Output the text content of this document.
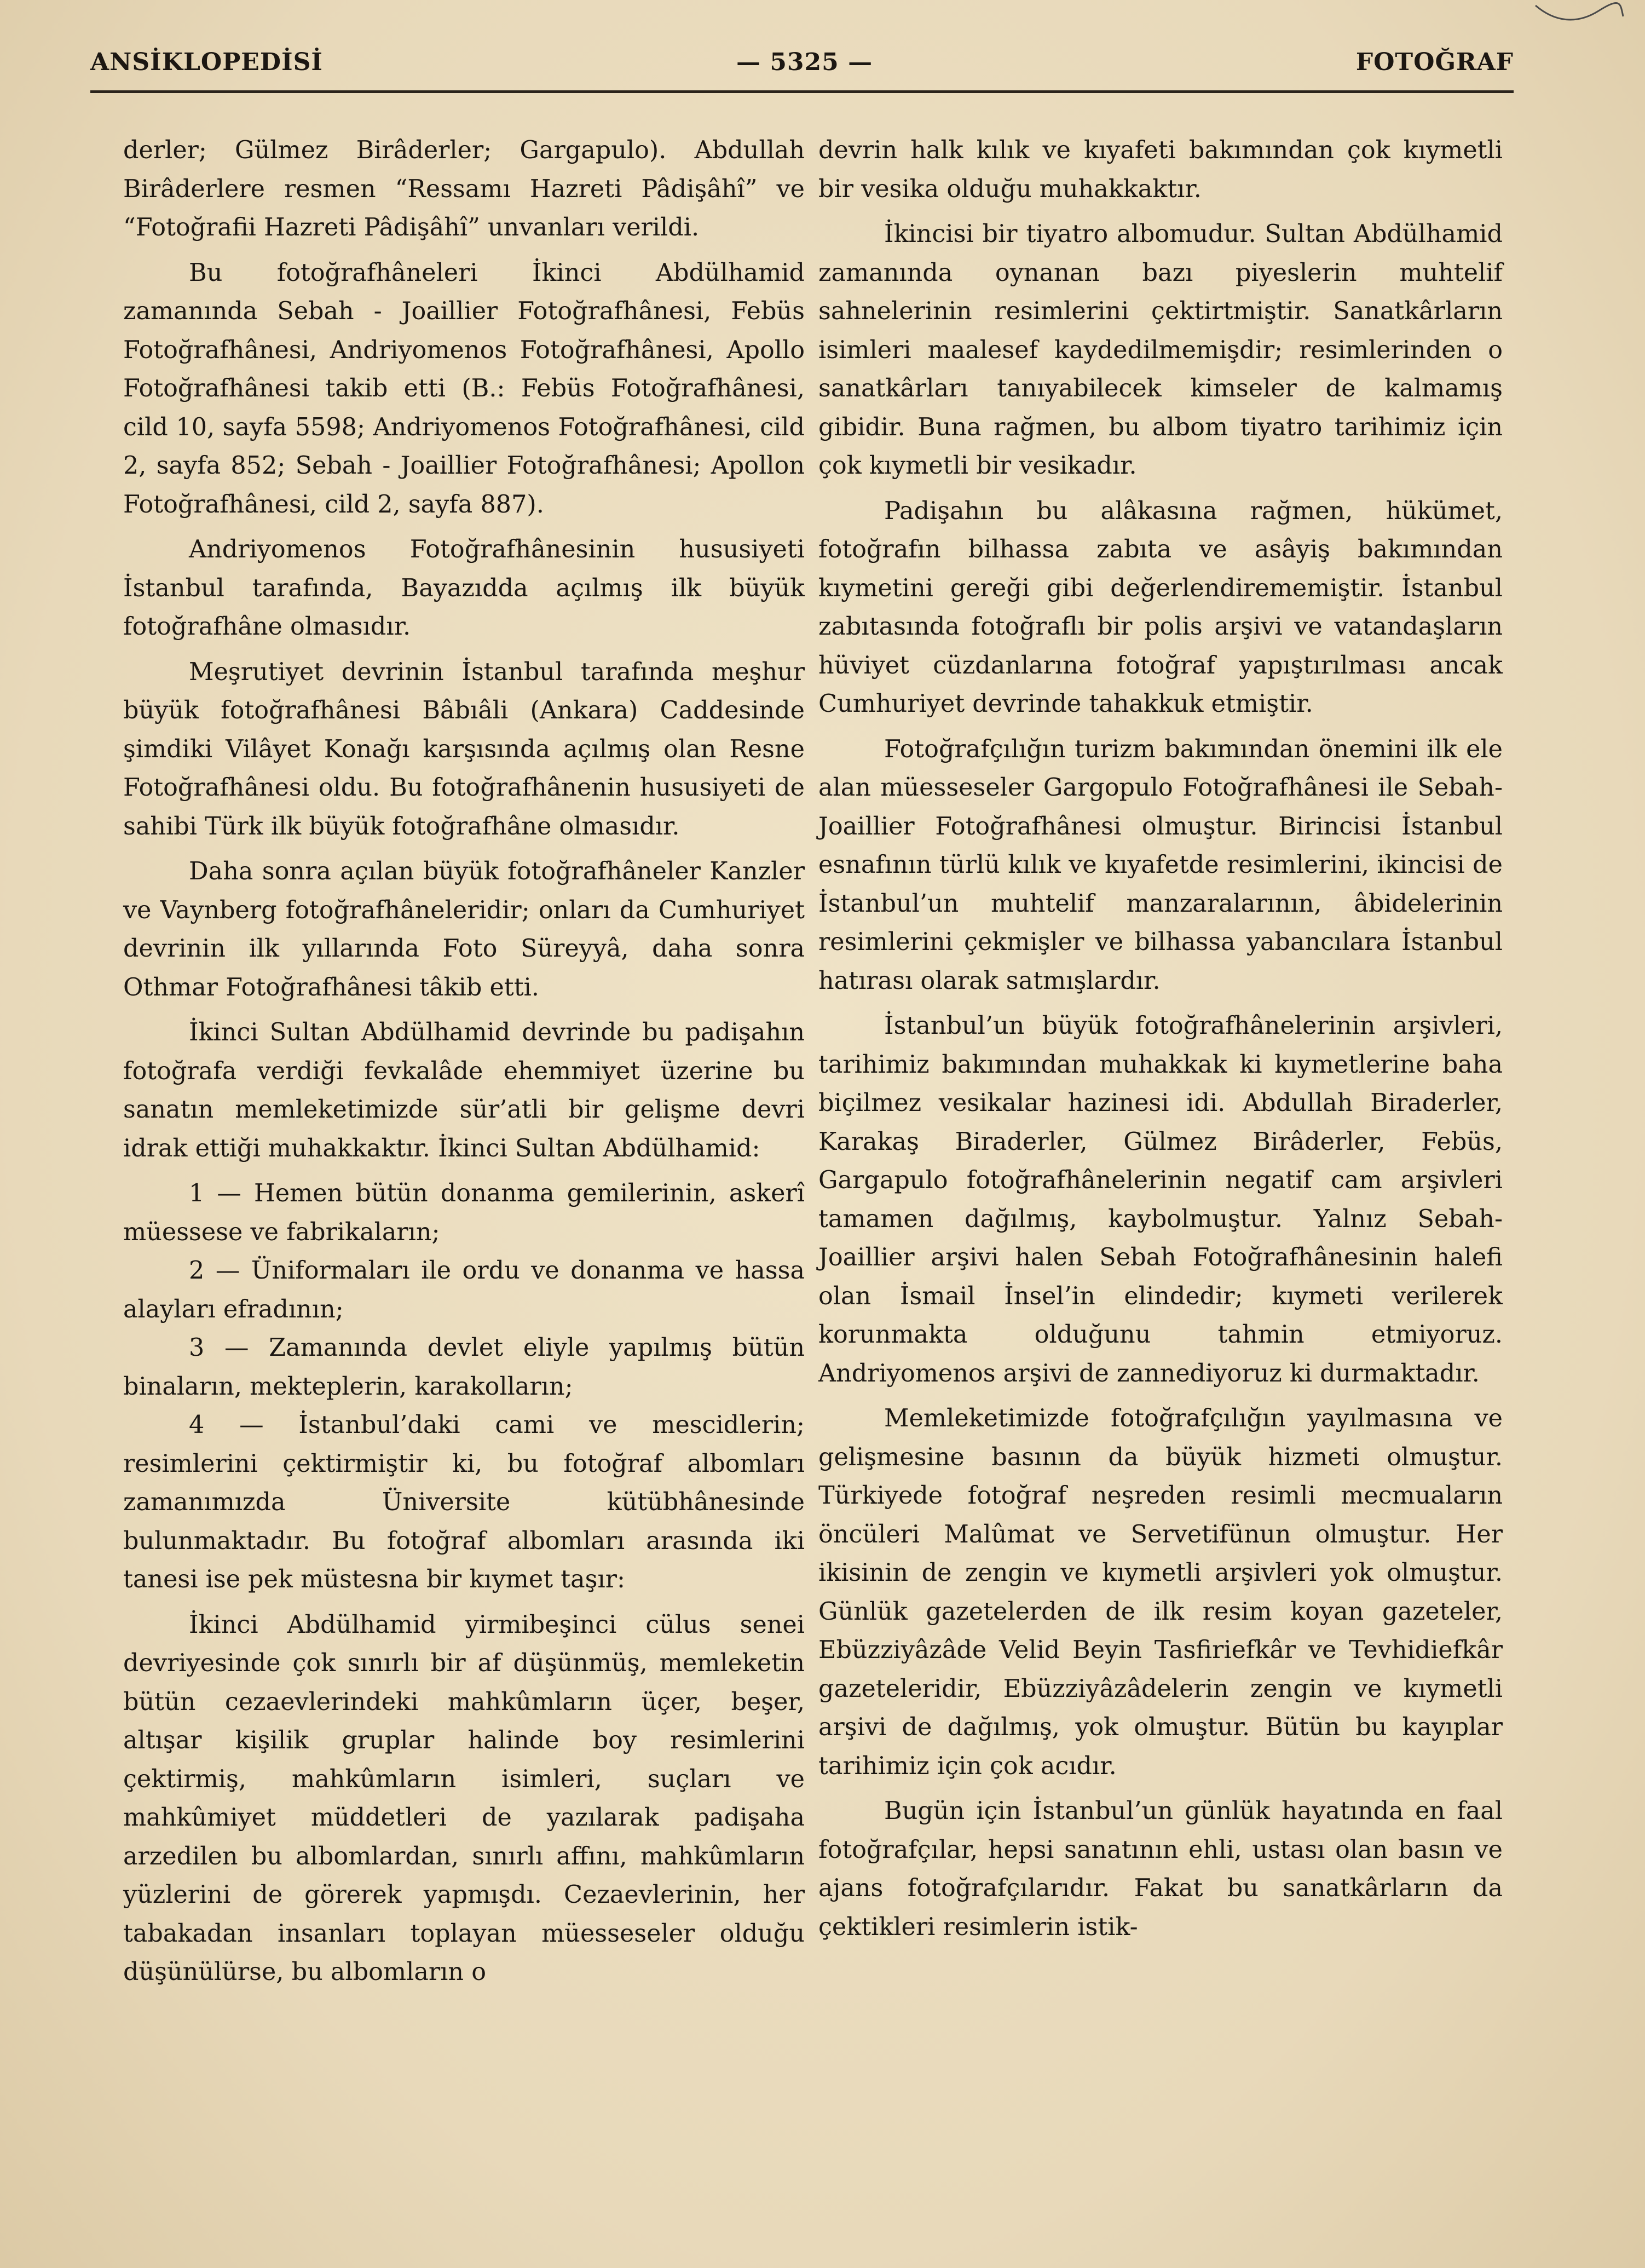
ANSİKLOPEDİSİ	— 5325 —	FOTOĞRAF

derler; Gülmez Birâderler; Gargapulo). Abdullah Birâderlere resmen “Ressamı Hazreti Pâdişâhî” ve “Fotoğrafii Hazreti Pâdişâhî” unvanları verildi.

Bu fotoğrafhâneleri İkinci Abdülhamid zamanında Sebah - Joaillier Fotoğrafhânesi, Febüs Fotoğrafhânesi, Andriyomenos Fotoğrafhânesi, Apollo Fotoğrafhânesi takib etti (B.: Febüs Fotoğrafhânesi, cild 10, sayfa 5598; Andriyomenos Fotoğrafhânesi, cild 2, sayfa 852; Sebah - Joaillier Fotoğrafhânesi; Apollon Fotoğrafhânesi, cild 2, sayfa 887).

Andriyomenos Fotoğrafhânesinin hususiyeti İstanbul tarafında, Bayazıdda açılmış ilk büyük fotoğrafhâne olmasıdır.

Meşrutiyet devrinin İstanbul tarafında meşhur büyük fotoğrafhânesi Bâbıâli (Ankara) Caddesinde şimdiki Vilâyet Konağı karşısında açılmış olan Resne Fotoğrafhânesi oldu. Bu fotoğrafhânenin hususiyeti de sahibi Türk ilk büyük fotoğrafhâne olmasıdır.

Daha sonra açılan büyük fotoğrafhâneler Kanzler ve Vaynberg fotoğrafhâneleridir; onları da Cumhuriyet devrinin ilk yıllarında Foto Süreyyâ, daha sonra Othmar Fotoğrafhânesi tâkib etti.

İkinci Sultan Abdülhamid devrinde bu padişahın fotoğrafa verdiği fevkalâde ehemmiyet üzerine bu sanatın memleketimizde sür’atli bir gelişme devri idrak ettiği muhakkaktır. İkinci Sultan Abdülhamid:

1 — Hemen bütün donanma gemilerinin, askerî müessese ve fabrikaların;

2 — Üniformaları ile ordu ve donanma ve hassa alayları efradının;

3 — Zamanında devlet eliyle yapılmış bütün binaların, mekteplerin, karakolların;

4 — İstanbul’daki cami ve mescidlerin; resimlerini çektirmiştir ki, bu fotoğraf albomları zamanımızda Üniversite kütübhânesinde bulunmaktadır. Bu fotoğraf albomları arasında iki tanesi ise pek müstesna bir kıymet taşır:

İkinci Abdülhamid yirmibeşinci cülus senei devriyesinde çok sınırlı bir af düşünmüş, memleketin bütün cezaevlerindeki mahkûmların üçer, beşer, altışar kişilik gruplar halinde boy resimlerini çektirmiş, mahkûmların isimleri, suçları ve mahkûmiyet müddetleri de yazılarak padişaha arzedilen bu albomlardan, sınırlı affını, mahkûmların yüzlerini de görerek yapmışdı. Cezaevlerinin, her tabakadan insanları toplayan müesseseler olduğu düşünülürse, bu albomların o

devrin halk kılık ve kıyafeti bakımından çok kıymetli bir vesika olduğu muhakkaktır.

İkincisi bir tiyatro albomudur. Sultan Abdülhamid zamanında oynanan bazı piyeslerin muhtelif sahnelerinin resimlerini çektirtmiştir. Sanatkârların isimleri maalesef kaydedilmemişdir; resimlerinden o sanatkârları tanıyabilecek kimseler de kalmamış gibidir. Buna rağmen, bu albom tiyatro tarihimiz için çok kıymetli bir vesikadır.

Padişahın bu alâkasına rağmen, hükümet, fotoğrafın bilhassa zabıta ve asâyiş bakımından kıymetini gereği gibi değerlendirememiştir. İstanbul zabıtasında fotoğraflı bir polis arşivi ve vatandaşların hüviyet cüzdanlarına fotoğraf yapıştırılması ancak Cumhuriyet devrinde tahakkuk etmiştir.

Fotoğrafçılığın turizm bakımından önemini ilk ele alan müesseseler Gargopulo Fotoğrafhânesi ile Sebah-Joaillier Fotoğrafhânesi olmuştur. Birincisi İstanbul esnafının türlü kılık ve kıyafetde resimlerini, ikincisi de İstanbul’un muhtelif manzaralarının, âbidelerinin resimlerini çekmişler ve bilhassa yabancılara İstanbul hatırası olarak satmışlardır.

İstanbul’un büyük fotoğrafhânelerinin arşivleri, tarihimiz bakımından muhakkak ki kıymetlerine baha biçilmez vesikalar hazinesi idi. Abdullah Biraderler, Karakaş Biraderler, Gülmez Birâderler, Febüs, Gargapulo fotoğrafhânelerinin negatif cam arşivleri tamamen dağılmış, kaybolmuştur. Yalnız Sebah-Joaillier arşivi halen Sebah Fotoğrafhânesinin halefi olan İsmail İnsel’in elindedir; kıymeti verilerek korunmakta olduğunu tahmin etmiyoruz. Andriyomenos arşivi de zannediyoruz ki durmaktadır.

Memleketimizde fotoğrafçılığın yayılmasına ve gelişmesine basının da büyük hizmeti olmuştur. Türkiyede fotoğraf neşreden resimli mecmuaların öncüleri Malûmat ve Servetifünun olmuştur. Her ikisinin de zengin ve kıymetli arşivleri yok olmuştur. Günlük gazetelerden de ilk resim koyan gazeteler, Ebüzziyâzâde Velid Beyin Tasfiriefkâr ve Tevhidiefkâr gazeteleridir, Ebüzziyâzâdelerin zengin ve kıymetli arşivi de dağılmış, yok olmuştur. Bütün bu kayıplar tarihimiz için çok acıdır.

Bugün için İstanbul’un günlük hayatında en faal fotoğrafçılar, hepsi sanatının ehli, ustası olan basın ve ajans fotoğrafçılarıdır. Fakat bu sanatkârların da çektikleri resimlerin istik-
